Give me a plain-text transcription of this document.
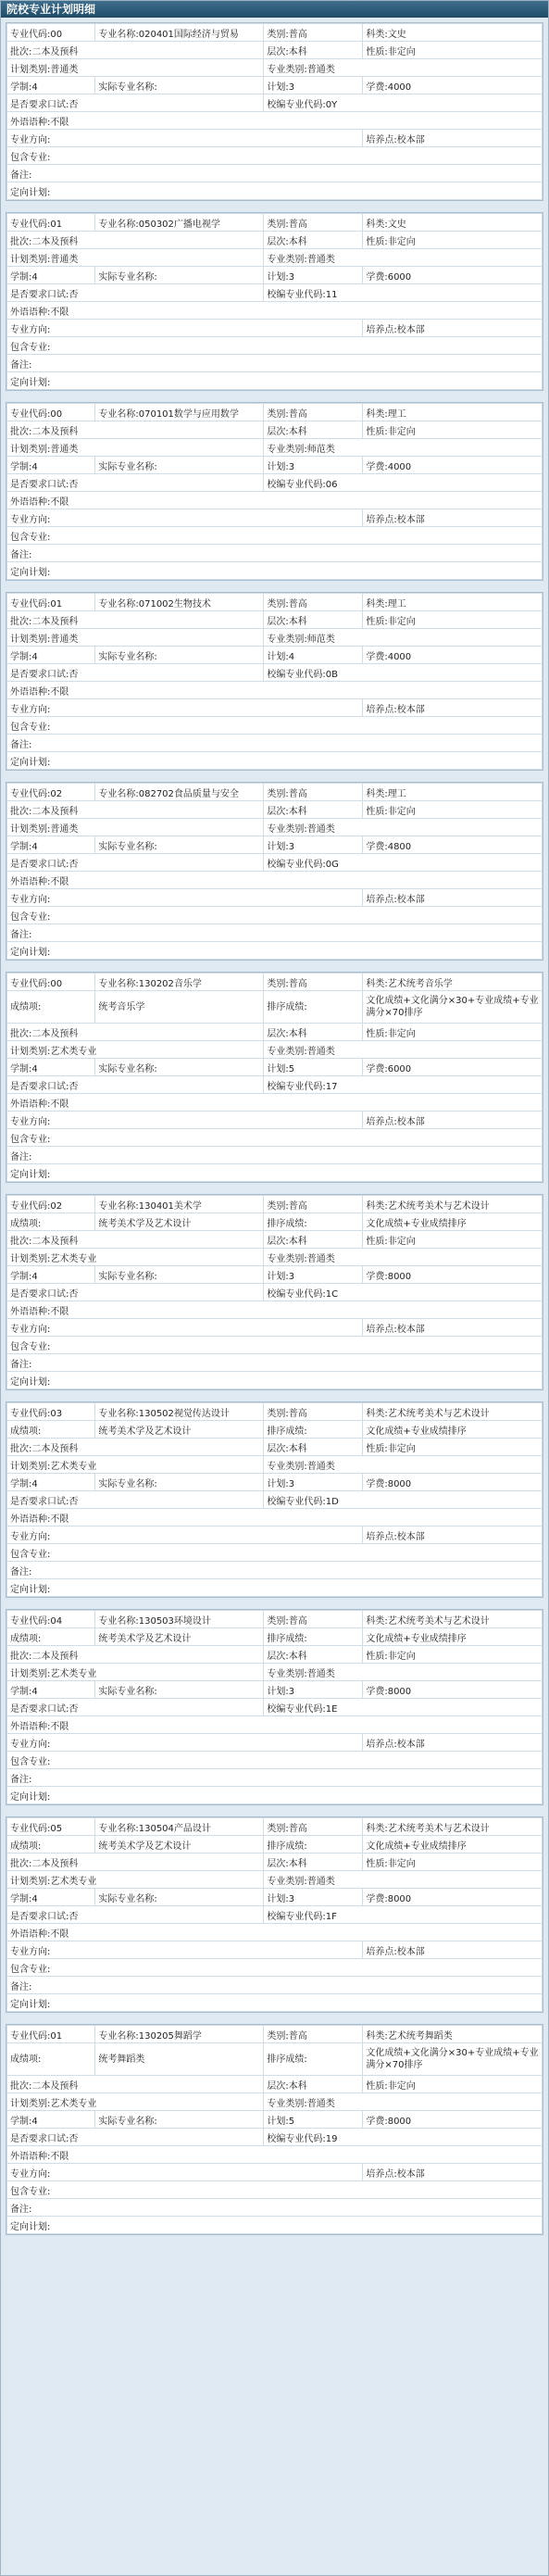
院校专业计划明细
专业代码:00	专业名称:020401国际经济与贸易	类别:普高	科类:文史
批次:二本及预科		层次:本科	性质:非定向
计划类别:普通类		专业类别:普通类	
学制:4	实际专业名称:	计划:3	学费:4000
是否要求口试:否		校编专业代码:0Y	
外语语种:不限			
专业方向:			培养点:校本部
包含专业:			
备注:			
定向计划:			
专业代码:01	专业名称:050302广播电视学	类别:普高	科类:文史
批次:二本及预科		层次:本科	性质:非定向
计划类别:普通类		专业类别:普通类	
学制:4	实际专业名称:	计划:3	学费:6000
是否要求口试:否		校编专业代码:11	
外语语种:不限			
专业方向:			培养点:校本部
包含专业:			
备注:			
定向计划:			
专业代码:00	专业名称:070101数学与应用数学	类别:普高	科类:理工
批次:二本及预科		层次:本科	性质:非定向
计划类别:普通类		专业类别:师范类	
学制:4	实际专业名称:	计划:3	学费:4000
是否要求口试:否		校编专业代码:06	
外语语种:不限			
专业方向:			培养点:校本部
包含专业:			
备注:			
定向计划:			
专业代码:01	专业名称:071002生物技术	类别:普高	科类:理工
批次:二本及预科		层次:本科	性质:非定向
计划类别:普通类		专业类别:师范类	
学制:4	实际专业名称:	计划:4	学费:4000
是否要求口试:否		校编专业代码:0B	
外语语种:不限			
专业方向:			培养点:校本部
包含专业:			
备注:			
定向计划:			
专业代码:02	专业名称:082702食品质量与安全	类别:普高	科类:理工
批次:二本及预科		层次:本科	性质:非定向
计划类别:普通类		专业类别:普通类	
学制:4	实际专业名称:	计划:3	学费:4800
是否要求口试:否		校编专业代码:0G	
外语语种:不限			
专业方向:			培养点:校本部
包含专业:			
备注:			
定向计划:			
专业代码:00	专业名称:130202音乐学	类别:普高	科类:艺术统考音乐学
成绩项:	统考音乐学	排序成绩:	文化成绩+文化满分×30+专业成绩+专业满分×70排序
批次:二本及预科		层次:本科	性质:非定向
计划类别:艺术类专业		专业类别:普通类	
学制:4	实际专业名称:	计划:5	学费:6000
是否要求口试:否		校编专业代码:17	
外语语种:不限			
专业方向:			培养点:校本部
包含专业:			
备注:			
定向计划:			
专业代码:02	专业名称:130401美术学	类别:普高	科类:艺术统考美术与艺术设计
成绩项:	统考美术学及艺术设计	排序成绩:	文化成绩+专业成绩排序
批次:二本及预科		层次:本科	性质:非定向
计划类别:艺术类专业		专业类别:普通类	
学制:4	实际专业名称:	计划:3	学费:8000
是否要求口试:否		校编专业代码:1C	
外语语种:不限			
专业方向:			培养点:校本部
包含专业:			
备注:			
定向计划:			
专业代码:03	专业名称:130502视觉传达设计	类别:普高	科类:艺术统考美术与艺术设计
成绩项:	统考美术学及艺术设计	排序成绩:	文化成绩+专业成绩排序
批次:二本及预科		层次:本科	性质:非定向
计划类别:艺术类专业		专业类别:普通类	
学制:4	实际专业名称:	计划:3	学费:8000
是否要求口试:否		校编专业代码:1D	
外语语种:不限			
专业方向:			培养点:校本部
包含专业:			
备注:			
定向计划:			
专业代码:04	专业名称:130503环境设计	类别:普高	科类:艺术统考美术与艺术设计
成绩项:	统考美术学及艺术设计	排序成绩:	文化成绩+专业成绩排序
批次:二本及预科		层次:本科	性质:非定向
计划类别:艺术类专业		专业类别:普通类	
学制:4	实际专业名称:	计划:3	学费:8000
是否要求口试:否		校编专业代码:1E	
外语语种:不限			
专业方向:			培养点:校本部
包含专业:			
备注:			
定向计划:			
专业代码:05	专业名称:130504产品设计	类别:普高	科类:艺术统考美术与艺术设计
成绩项:	统考美术学及艺术设计	排序成绩:	文化成绩+专业成绩排序
批次:二本及预科		层次:本科	性质:非定向
计划类别:艺术类专业		专业类别:普通类	
学制:4	实际专业名称:	计划:3	学费:8000
是否要求口试:否		校编专业代码:1F	
外语语种:不限			
专业方向:			培养点:校本部
包含专业:			
备注:			
定向计划:			
专业代码:01	专业名称:130205舞蹈学	类别:普高	科类:艺术统考舞蹈类
成绩项:	统考舞蹈类	排序成绩:	文化成绩+文化满分×30+专业成绩+专业满分×70排序
批次:二本及预科		层次:本科	性质:非定向
计划类别:艺术类专业		专业类别:普通类	
学制:4	实际专业名称:	计划:5	学费:8000
是否要求口试:否		校编专业代码:19	
外语语种:不限			
专业方向:			培养点:校本部
包含专业:			
备注:			
定向计划:			
